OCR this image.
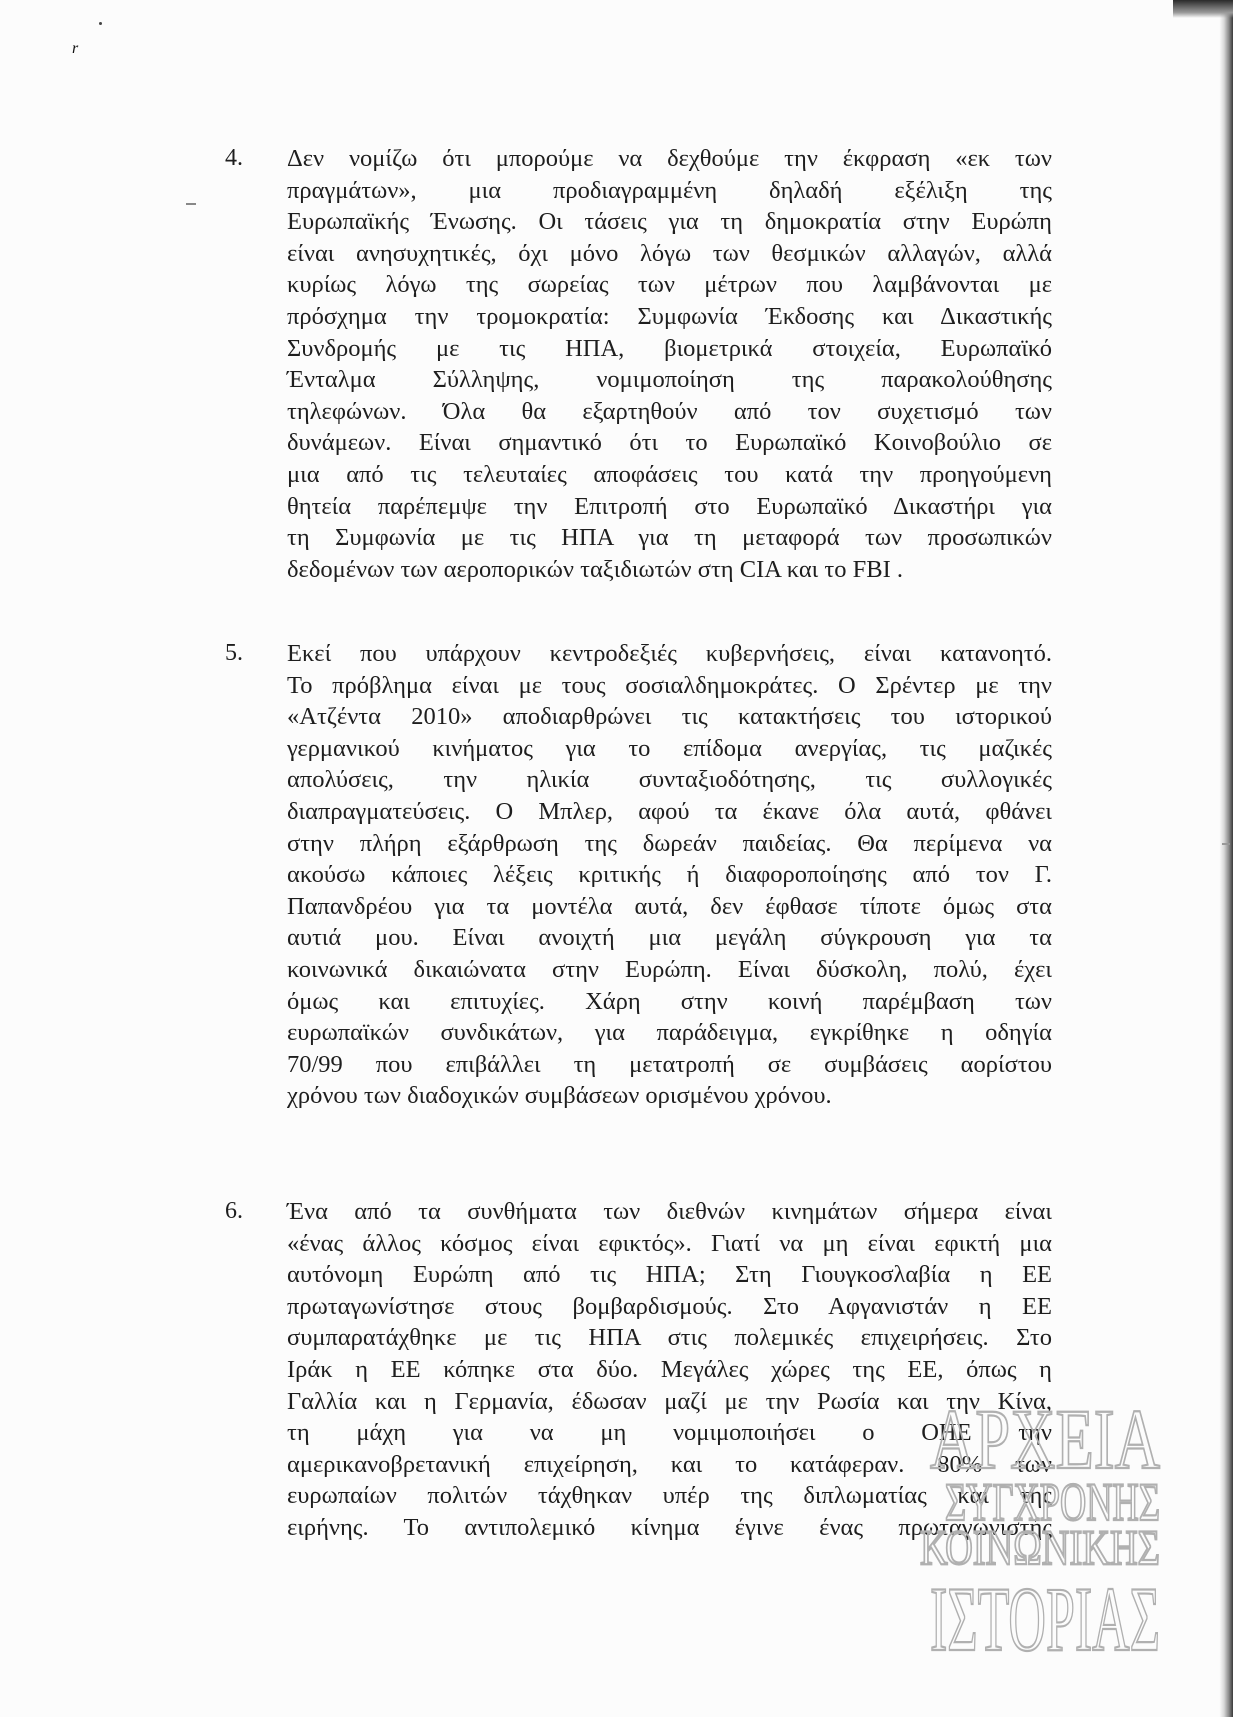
r
4. Δεν νομίζω ότι μπορούμε να δεχθούμε την έκφραση «εκ των
πραγμάτων», μια προδιαγραμμένη δηλαδή εξέλιξη της
Ευρωπαϊκής Ένωσης. Οι τάσεις για τη δημοκρατία στην Ευρώπη
είναι ανησυχητικές, όχι μόνο λόγω των θεσμικών αλλαγών, αλλά
κυρίως λόγω της σωρείας των μέτρων που λαμβάνονται με
πρόσχημα την τρομοκρατία: Συμφωνία Έκδοσης και Δικαστικής
Συνδρομής με τις ΗΠΑ, βιομετρικά στοιχεία, Ευρωπαϊκό
Ένταλμα Σύλληψης, νομιμοποίηση της παρακολούθησης
τηλεφώνων. Όλα θα εξαρτηθούν από τον συχετισμό των
δυνάμεων. Είναι σημαντικό ότι το Ευρωπαϊκό Κοινοβούλιο σε
μια από τις τελευταίες αποφάσεις του κατά την προηγούμενη
θητεία παρέπεμψε την Επιτροπή στο Ευρωπαϊκό Δικαστήρι για
τη Συμφωνία με τις ΗΠΑ για τη μεταφορά των προσωπικών
δεδομένων των αεροπορικών ταξιδιωτών στη CIA και το FBI .
5. Εκεί που υπάρχουν κεντροδεξιές κυβερνήσεις, είναι κατανοητό.
Το πρόβλημα είναι με τους σοσιαλδημοκράτες. Ο Σρέντερ με την
«Ατζέντα 2010» αποδιαρθρώνει τις κατακτήσεις του ιστορικού
γερμανικού κινήματος για το επίδομα ανεργίας, τις μαζικές
απολύσεις, την ηλικία συνταξιοδότησης, τις συλλογικές
διαπραγματεύσεις. Ο Μπλερ, αφού τα έκανε όλα αυτά, φθάνει
στην πλήρη εξάρθρωση της δωρεάν παιδείας. Θα περίμενα να
ακούσω κάποιες λέξεις κριτικής ή διαφοροποίησης από τον Γ.
Παπανδρέου για τα μοντέλα αυτά, δεν έφθασε τίποτε όμως στα
αυτιά μου. Είναι ανοιχτή μια μεγάλη σύγκρουση για τα
κοινωνικά δικαιώνατα στην Ευρώπη. Είναι δύσκολη, πολύ, έχει
όμως και επιτυχίες. Χάρη στην κοινή παρέμβαση των
ευρωπαϊκών συνδικάτων, για παράδειγμα, εγκρίθηκε η οδηγία
70/99 που επιβάλλει τη μετατροπή σε συμβάσεις αορίστου
χρόνου των διαδοχικών συμβάσεων ορισμένου χρόνου.
6. Ένα από τα συνθήματα των διεθνών κινημάτων σήμερα είναι
«ένας άλλος κόσμος είναι εφικτός». Γιατί να μη είναι εφικτή μια
αυτόνομη Ευρώπη από τις ΗΠΑ; Στη Γιουγκοσλαβία η ΕΕ
πρωταγωνίστησε στους βομβαρδισμούς. Στο Αφγανιστάν η ΕΕ
συμπαρατάχθηκε με τις ΗΠΑ στις πολεμικές επιχειρήσεις. Στο
Ιράκ η ΕΕ κόπηκε στα δύο. Μεγάλες χώρες της ΕΕ, όπως η
Γαλλία και η Γερμανία, έδωσαν μαζί με την Ρωσία και την Κίνα,
τη μάχη για να μη νομιμοποιήσει ο ΟΗΕ την
αμερικανοβρετανική επιχείρηση, και το κατάφεραν. 80% των
ευρωπαίων πολιτών τάχθηκαν υπέρ της διπλωματίας και της
ειρήνης. Το αντιπολεμικό κίνημα έγινε ένας πρωταγωνιστής
ΑΡΧΕΙΑ
ΣΥΓΧΡΟΝΗΣ
ΚΟΙΝΩΝΙΚΗΣ
ΙΣΤΟΡΙΑΣ
